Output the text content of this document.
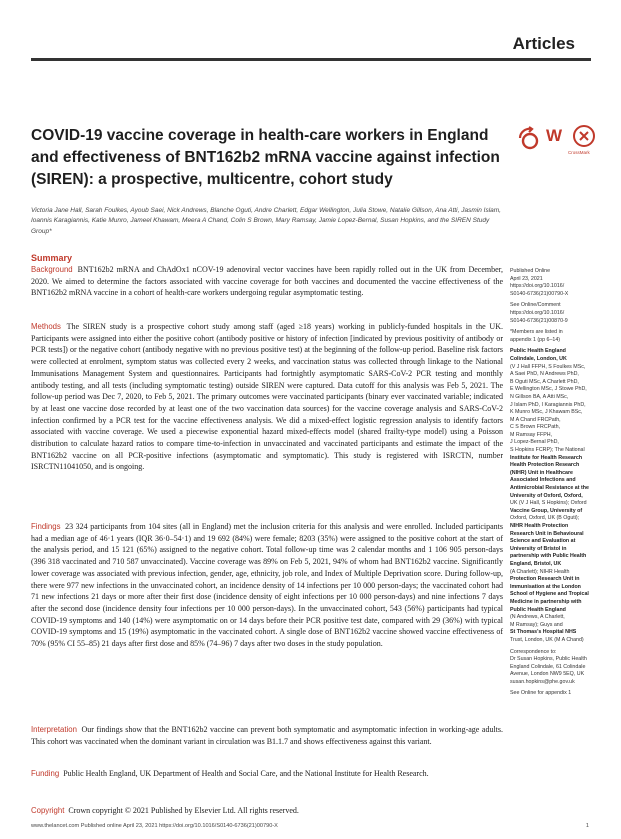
Articles
COVID-19 vaccine coverage in health-care workers in England and effectiveness of BNT162b2 mRNA vaccine against infection (SIREN): a prospective, multicentre, cohort study
W
CrossMark

Victoria Jane Hall, Sarah Foulkes, Ayoub Saei, Nick Andrews, Blanche Oguti, Andre Charlett, Edgar Wellington, Julia Stowe, Natalie Gillson, Ana Atti, Jasmin Islam, Ioannis Karagiannis, Katie Munro, Jameel Khawam, Meera A Chand, Colin S Brown, Mary Ramsay, Jamie Lopez-Bernal, Susan Hopkins, and the SIREN Study Group*

Summary

Background BNT162b2 mRNA and ChAdOx1 nCOV-19 adenoviral vector vaccines have been rapidly rolled out in the UK from December, 2020. We aimed to determine the factors associated with vaccine coverage for both vaccines and documented the vaccine effectiveness of the BNT162b2 mRNA vaccine in a cohort of health-care workers undergoing regular asymptomatic testing.

Methods The SIREN study is a prospective cohort study among staff (aged ≥18 years) working in publicly-funded hospitals in the UK. Participants were assigned into either the positive cohort (antibody positive or history of infection [indicated by previous positivity of antibody or PCR tests]) or the negative cohort (antibody negative with no previous positive test) at the beginning of the follow-up period. Baseline risk factors were collected at enrolment, symptom status was collected every 2 weeks, and vaccination status was collected through linkage to the National Immunisations Management System and questionnaires. Participants had fortnightly asymptomatic SARS-CoV-2 PCR testing and monthly antibody testing, and all tests (including symptomatic testing) outside SIREN were captured. Data cutoff for this analysis was Feb 5, 2021. The follow-up period was Dec 7, 2020, to Feb 5, 2021. The primary outcomes were vaccinated participants (binary ever vaccinated variable; indicated by at least one vaccine dose recorded by at least one of the two vaccination data sources) for the vaccine coverage analysis and SARS-CoV-2 infection confirmed by a PCR test for the vaccine effectiveness analysis. We did a mixed-effect logistic regression analysis to identify factors associated with vaccine coverage. We used a piecewise exponential hazard mixed-effects model (shared frailty-type model) using a Poisson distribution to calculate hazard ratios to compare time-to-infection in unvaccinated and vaccinated participants and estimate the impact of the BNT162b2 vaccine on all PCR-positive infections (asymptomatic and symptomatic). This study is registered with ISRCTN, number ISRCTN11041050, and is ongoing.

Findings 23 324 participants from 104 sites (all in England) met the inclusion criteria for this analysis and were enrolled. Included participants had a median age of 46·1 years (IQR 36·0–54·1) and 19 692 (84%) were female; 8203 (35%) were assigned to the positive cohort at the start of the analysis period, and 15 121 (65%) assigned to the negative cohort. Total follow-up time was 2 calendar months and 1 106 905 person-days (396 318 vaccinated and 710 587 unvaccinated). Vaccine coverage was 89% on Feb 5, 2021, 94% of whom had BNT162b2 vaccine. Significantly lower coverage was associated with previous infection, gender, age, ethnicity, job role, and Index of Multiple Deprivation score. During follow-up, there were 977 new infections in the unvaccinated cohort, an incidence density of 14 infections per 10 000 person-days; the vaccinated cohort had 71 new infections 21 days or more after their first dose (incidence density of eight infections per 10 000 person-days) and nine infections 7 days after the second dose (incidence density four infections per 10 000 person-days). In the unvaccinated cohort, 543 (56%) participants had typical COVID-19 symptoms and 140 (14%) were asymptomatic on or 14 days before their PCR positive test date, compared with 29 (36%) with typical COVID-19 symptoms and 15 (19%) asymptomatic in the vaccinated cohort. A single dose of BNT162b2 vaccine showed vaccine effectiveness of 70% (95% CI 55–85) 21 days after first dose and 85% (74–96) 7 days after two doses in the study population.

Interpretation Our findings show that the BNT162b2 vaccine can prevent both symptomatic and asymptomatic infection in working-age adults. This cohort was vaccinated when the dominant variant in circulation was B1.1.7 and shows effectiveness against this variant.

Funding Public Health England, UK Department of Health and Social Care, and the National Institute for Health Research.

Copyright Crown copyright © 2021 Published by Elsevier Ltd. All rights reserved.

Published Online
April 23, 2021
https://doi.org/10.1016/
S0140-6736(21)00790-X
See Online/Comment
https://doi.org/10.1016/
S0140-6736(21)00870-9
*Members are listed in
appendix 1 (pp 6–14)
Public Health England
Colindale, London, UK
(V J Hall FFPH, S Foulkes MSc,
A Saei PhD, N Andrews PhD,
B Oguti MSc, A Charlett PhD,
E Wellington MSc, J Stowe PhD,
N Gillson BA, A Atti MSc,
J Islam PhD, I Karagiannis PhD,
K Munro MSc, J Khawam BSc,
M A Chand FRCPath,
C S Brown FRCPath,
M Ramsay FFPH,
J Lopez-Bernal PhD,
S Hopkins FCRP); The National
Institute for Health Research
Health Protection Research
(NIHR) Unit in Healthcare
Associated Infections and
Antimicrobial Resistance at the
University of Oxford, Oxford,
UK (V J Hall, S Hopkins); Oxford
Vaccine Group, University of
Oxford, Oxford, UK (B Oguti);
NIHR Health Protection
Research Unit in Behavioural
Science and Evaluation at
University of Bristol in
partnership with Public Health
England, Bristol, UK
(A Charlett); NIHR Health
Protection Research Unit in
Immunisation at the London
School of Hygiene and Tropical
Medicine in partnership with
Public Health England
(N Andrews, A Charlett,
M Ramsay); Guys and
St Thomas's Hospital NHS
Trust, London, UK (M A Chand)
Correspondence to:
Dr Susan Hopkins, Public Health
England Colindale, 61 Colindale
Avenue, London NW9 5EQ, UK
susan.hopkins@phe.gov.uk
See Online for appendix 1
www.thelancet.com Published online April 23, 2021 https://doi.org/10.1016/S0140-6736(21)00790-X	1
